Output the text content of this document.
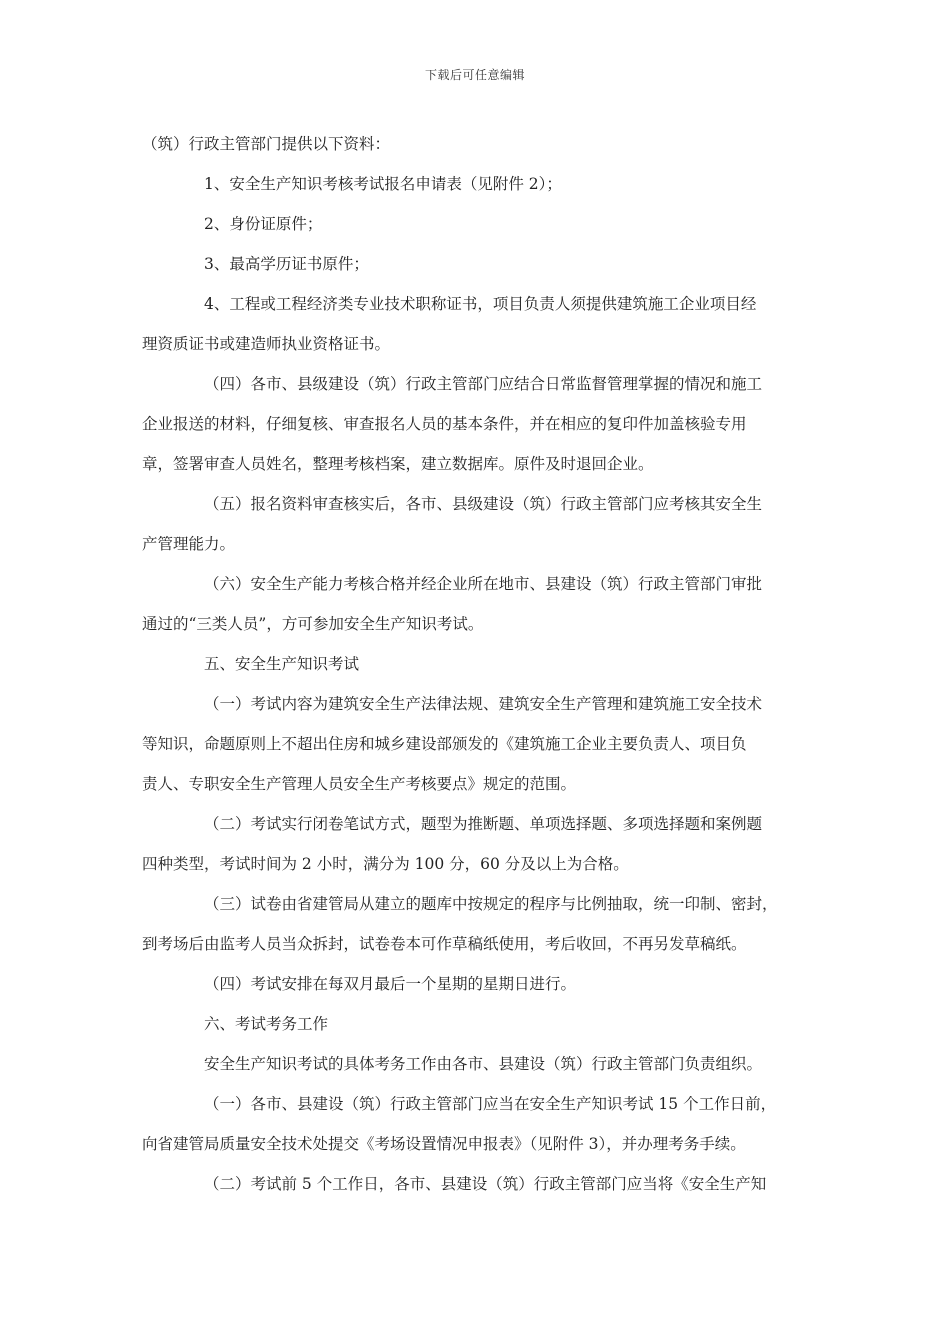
下载后可任意编辑

（筑）行政主管部门提供以下资料：

1、安全生产知识考核考试报名申请表（见附件 2）；

2、身份证原件；

3、最高学历证书原件；

4、工程或工程经济类专业技术职称证书，项目负责人须提供建筑施工企业项目经

理资质证书或建造师执业资格证书。

（四）各市、县级建设（筑）行政主管部门应结合日常监督管理掌握的情况和施工

企业报送的材料，仔细复核、审查报名人员的基本条件，并在相应的复印件加盖核验专用
章，签署审查人员姓名，整理考核档案，建立数据库。原件及时退回企业。

（五）报名资料审查核实后，各市、县级建设（筑）行政主管部门应考核其安全生

产管理能力。

（六）安全生产能力考核合格并经企业所在地市、县建设（筑）行政主管部门审批

通过的“三类人员”，方可参加安全生产知识考试。

五、安全生产知识考试

（一）考试内容为建筑安全生产法律法规、建筑安全生产管理和建筑施工安全技术

等知识，命题原则上不超出住房和城乡建设部颁发的《建筑施工企业主要负责人、项目负
责人、专职安全生产管理人员安全生产考核要点》规定的范围。

（二）考试实行闭卷笔试方式，题型为推断题、单项选择题、多项选择题和案例题

四种类型，考试时间为 2 小时，满分为 100 分，60 分及以上为合格。

（三）试卷由省建管局从建立的题库中按规定的程序与比例抽取，统一印制、密封，

到考场后由监考人员当众拆封，试卷卷本可作草稿纸使用，考后收回，不再另发草稿纸。

（四）考试安排在每双月最后一个星期的星期日进行。

六、考试考务工作

安全生产知识考试的具体考务工作由各市、县建设（筑）行政主管部门负责组织。

（一）各市、县建设（筑）行政主管部门应当在安全生产知识考试 15 个工作日前，

向省建管局质量安全技术处提交《考场设置情况申报表》（见附件 3），并办理考务手续。

（二）考试前 5 个工作日，各市、县建设（筑）行政主管部门应当将《安全生产知
